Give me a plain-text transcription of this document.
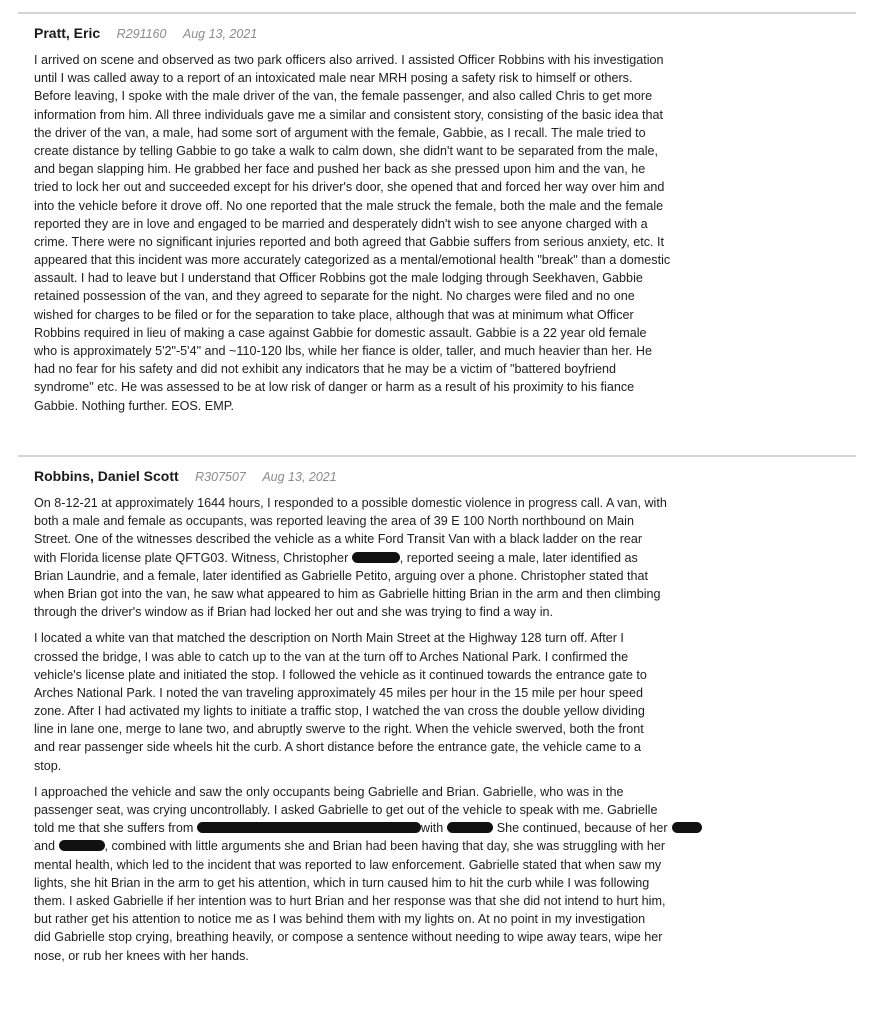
Pratt, Eric R291160 Aug 13, 2021
I arrived on scene and observed as two park officers also arrived. I assisted Officer Robbins with his investigation
until I was called away to a report of an intoxicated male near MRH posing a safety risk to himself or others.
Before leaving, I spoke with the male driver of the van, the female passenger, and also called Chris to get more
information from him. All three individuals gave me a similar and consistent story, consisting of the basic idea that
the driver of the van, a male, had some sort of argument with the female, Gabbie, as I recall. The male tried to
create distance by telling Gabbie to go take a walk to calm down, she didn't want to be separated from the male,
and began slapping him. He grabbed her face and pushed her back as she pressed upon him and the van, he
tried to lock her out and succeeded except for his driver's door, she opened that and forced her way over him and
into the vehicle before it drove off. No one reported that the male struck the female, both the male and the female
reported they are in love and engaged to be married and desperately didn't wish to see anyone charged with a
crime. There were no significant injuries reported and both agreed that Gabbie suffers from serious anxiety, etc. It
appeared that this incident was more accurately categorized as a mental/emotional health "break" than a domestic
assault. I had to leave but I understand that Officer Robbins got the male lodging through Seekhaven, Gabbie
retained possession of the van, and they agreed to separate for the night. No charges were filed and no one
wished for charges to be filed or for the separation to take place, although that was at minimum what Officer
Robbins required in lieu of making a case against Gabbie for domestic assault. Gabbie is a 22 year old female
who is approximately 5'2"-5'4" and ~110-120 lbs, while her fiance is older, taller, and much heavier than her. He
had no fear for his safety and did not exhibit any indicators that he may be a victim of "battered boyfriend
syndrome" etc. He was assessed to be at low risk of danger or harm as a result of his proximity to his fiance
Gabbie. Nothing further. EOS. EMP.
Robbins, Daniel Scott R307507 Aug 13, 2021
On 8-12-21 at approximately 1644 hours, I responded to a possible domestic violence in progress call. A van, with
both a male and female as occupants, was reported leaving the area of 39 E 100 North northbound on Main
Street. One of the witnesses described the vehicle as a white Ford Transit Van with a black ladder on the rear
with Florida license plate QFTG03. Witness, Christopher	, reported seeing a male, later identified as
Brian Laundrie, and a female, later identified as Gabrielle Petito, arguing over a phone. Christopher stated that
when Brian got into the van, he saw what appeared to him as Gabrielle hitting Brian in the arm and then climbing
through the driver's window as if Brian had locked her out and she was trying to find a way in.
I located a white van that matched the description on North Main Street at the Highway 128 turn off. After I
crossed the bridge, I was able to catch up to the van at the turn off to Arches National Park. I confirmed the
vehicle's license plate and initiated the stop. I followed the vehicle as it continued towards the entrance gate to
Arches National Park. I noted the van traveling approximately 45 miles per hour in the 15 mile per hour speed
zone. After I had activated my lights to initiate a traffic stop, I watched the van cross the double yellow dividing
line in lane one, merge to lane two, and abruptly swerve to the right. When the vehicle swerved, both the front
and rear passenger side wheels hit the curb. A short distance before the entrance gate, the vehicle came to a
stop.
I approached the vehicle and saw the only occupants being Gabrielle and Brian. Gabrielle, who was in the
passenger seat, was crying uncontrollably. I asked Gabrielle to get out of the vehicle to speak with me. Gabrielle
told me that she suffers from	with	She continued, because of her
and	, combined with little arguments she and Brian had been having that day, she was struggling with her
mental health, which led to the incident that was reported to law enforcement. Gabrielle stated that when saw my
lights, she hit Brian in the arm to get his attention, which in turn caused him to hit the curb while I was following
them. I asked Gabrielle if her intention was to hurt Brian and her response was that she did not intend to hurt him,
but rather get his attention to notice me as I was behind them with my lights on. At no point in my investigation
did Gabrielle stop crying, breathing heavily, or compose a sentence without needing to wipe away tears, wipe her
nose, or rub her knees with her hands.
